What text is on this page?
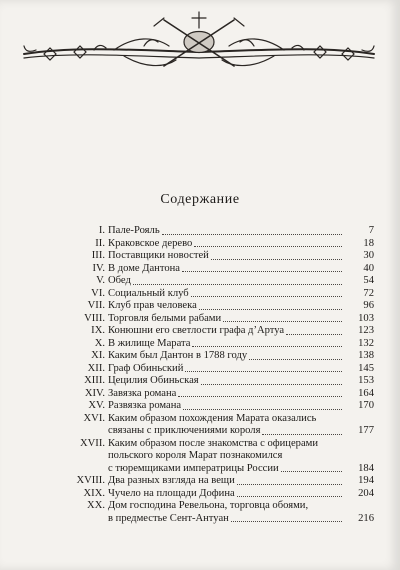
Содержание
I. Пале-Рояль	7
II. Краковское дерево	18
III. Поставщики новостей	30
IV. В доме Дантона	40
V. Обед	54
VI. Социальный клуб	72
VII. Клуб прав человека	96
VIII. Торговля белыми рабами	103
IX. Конюшни его светлости графа д’Артуа	123
X. В жилище Марата	132
XI. Каким был Дантон в 1788 году	138
XII. Граф Обиньский	145
XIII. Цецилия Обиньская	153
XIV. Завязка романа	164
XV. Развязка романа	170
XVI. Каким образом похождения Марата оказались
связаны с приключениями короля	177
XVII. Каким образом после знакомства с офицерами
польского короля Марат познакомился
с тюремщиками императрицы России	184
XVIII. Два разных взгляда на вещи	194
XIX. Чучело на площади Дофина	204
XX. Дом господина Ревельона, торговца обоями,
в предместье Сент-Антуан	216
